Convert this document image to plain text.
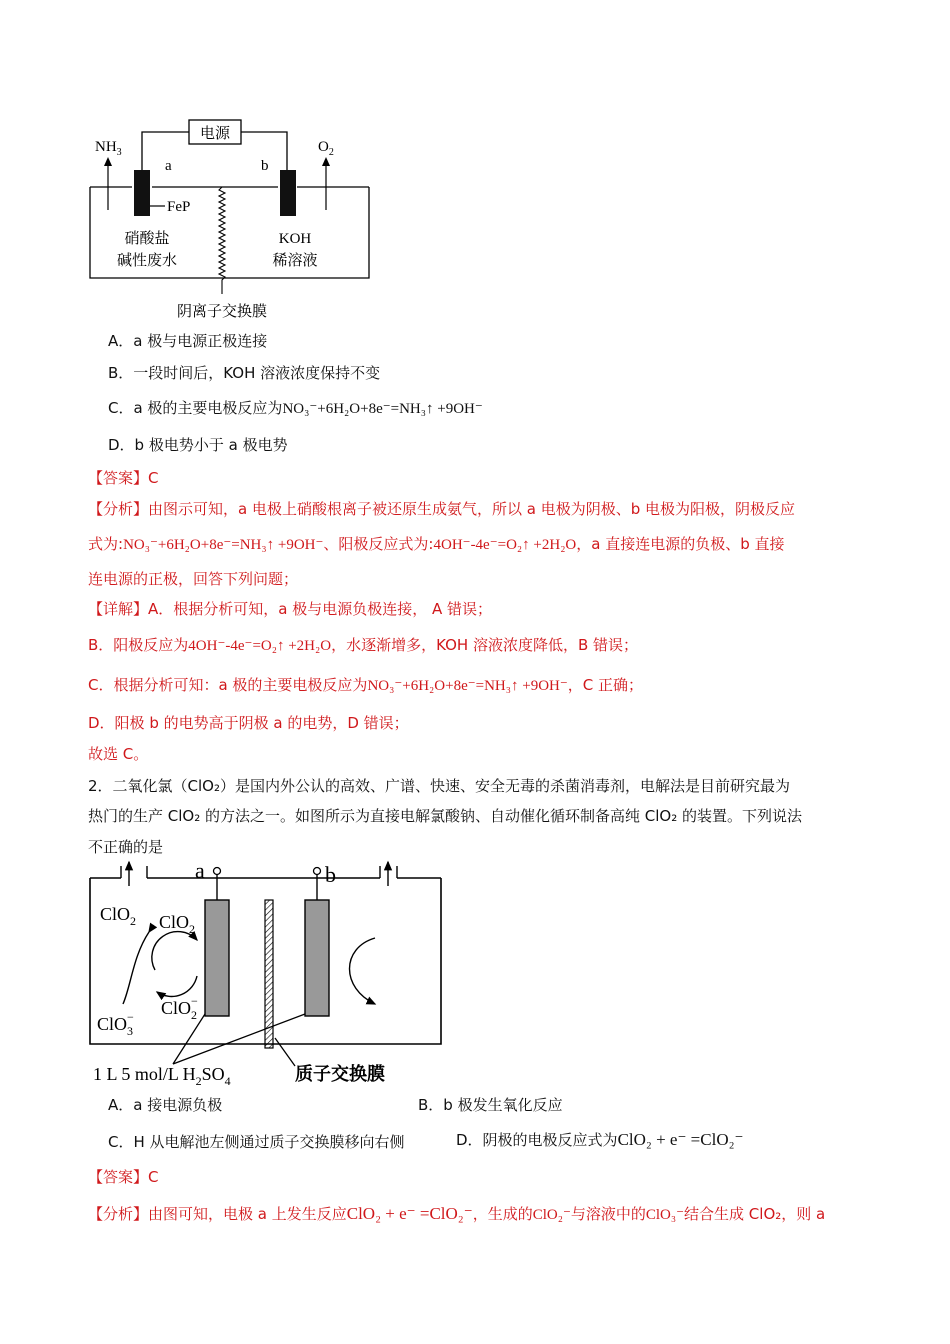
电源
a	b
FeP
$NH_3$	$O_2$
硝酸盐
碱性废水
KOH
稀溶液
阴离子交换膜
A．a 极与电源正极连接
B．一段时间后，KOH 溶液浓度保持不变
C．a 极的主要电极反应为NO₃⁻+6H₂O+8e⁻=NH₃↑ +9OH⁻
D．b 极电势小于 a 极电势
【答案】C
【分析】由图示可知，a 电极上硝酸根离子被还原生成氨气，所以 a 电极为阴极、b 电极为阳极，阴极反应
式为:NO₃⁻+6H₂O+8e⁻=NH₃↑ +9OH⁻、阳极反应式为:4OH⁻-4e⁻=O₂↑ +2H₂O，a 直接连电源的负极、b 直接
连电源的正极，回答下列问题；
【详解】A．根据分析可知，a 极与电源负极连接， A 错误；
B．阳极反应为4OH⁻-4e⁻=O₂↑ +2H₂O，水逐渐增多，KOH 溶液浓度降低，B 错误；
C．根据分析可知：a 极的主要电极反应为NO₃⁻+6H₂O+8e⁻=NH₃↑ +9OH⁻，C 正确；
D．阳极 b 的电势高于阴极 a 的电势，D 错误；
故选 C。
2．二氧化氯（ClO₂）是国内外公认的高效、广谱、快速、安全无毒的杀菌消毒剂，电解法是目前研究最为
热门的生产 ClO₂ 的方法之一。如图所示为直接电解氯酸钠、自动催化循环制备高纯 ClO₂ 的装置。下列说法
不正确的是
a	b
ClO$_2$ ClO$_2$
ClO$_2$−
ClO$_3$−
1 L 5 mol/L $H_2SO_4$	质子交换膜
A．a 接电源负极	B．b 极发生氧化反应
C．H 从电解池左侧通过质子交换膜移向右侧	D．阴极的电极反应式为ClO₂ + e⁻ =ClO₂⁻
【答案】C
【分析】由图可知，电极 a 上发生反应ClO₂ + e⁻ =ClO₂⁻，生成的ClO₂⁻与溶液中的ClO₃⁻结合生成 ClO₂，则 a
